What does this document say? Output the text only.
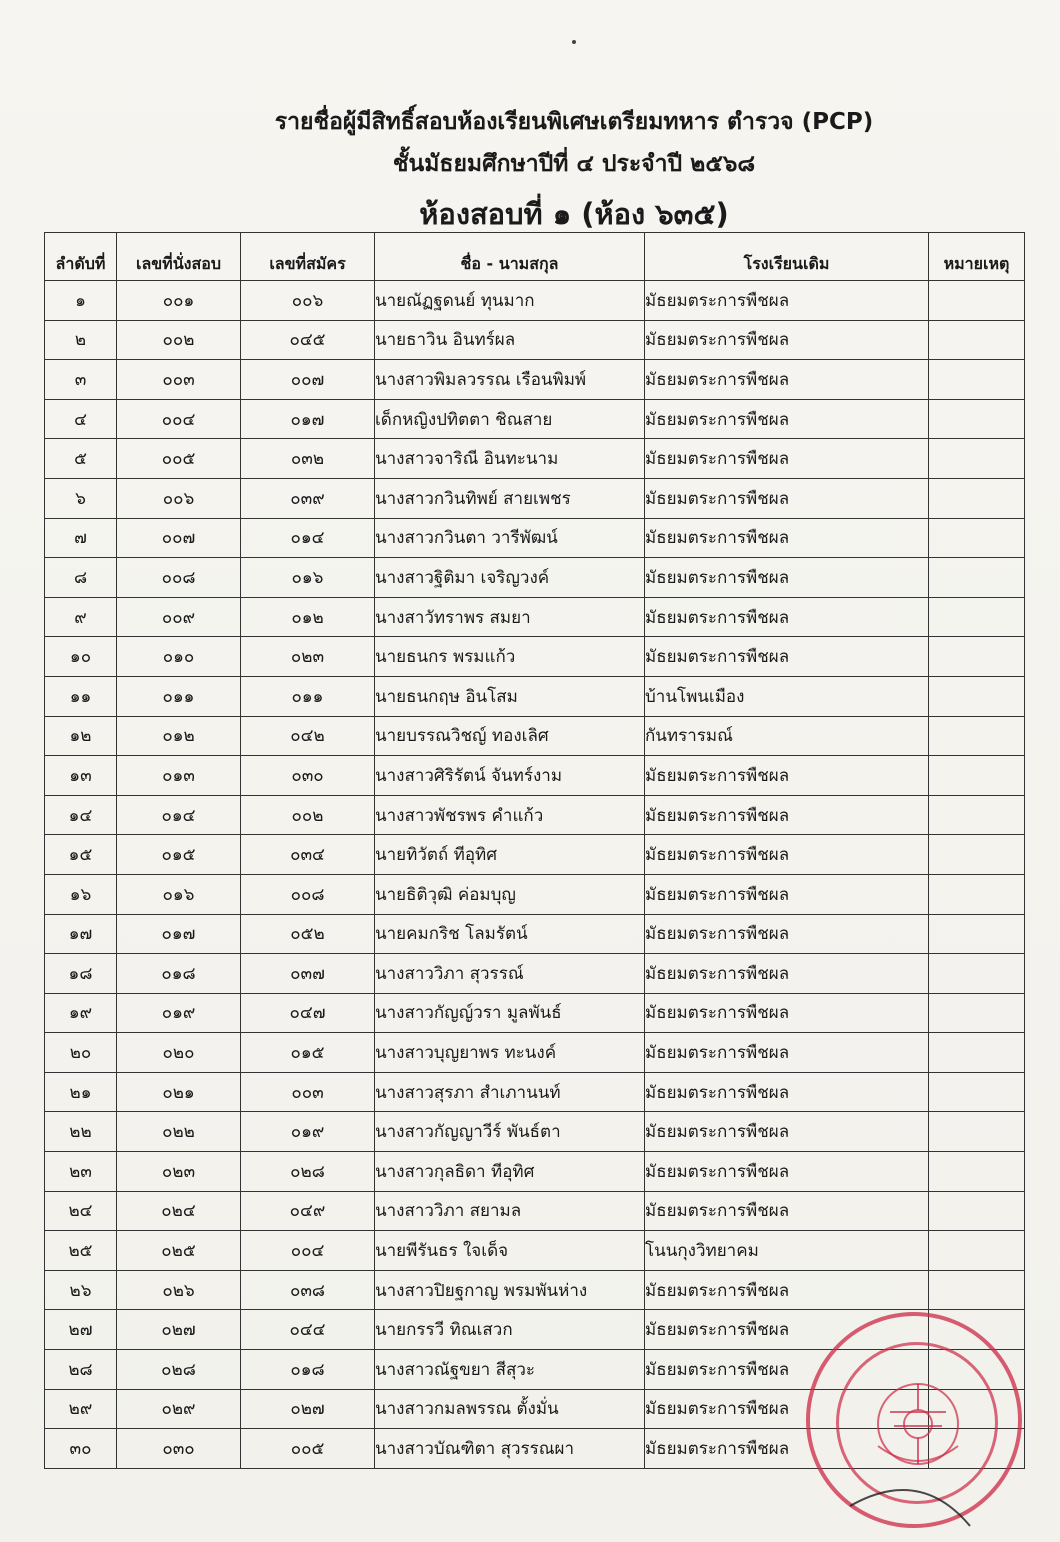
รายชื่อผู้มีสิทธิ์สอบห้องเรียนพิเศษเตรียมทหาร ตำรวจ (PCP)
ชั้นมัธยมศึกษาปีที่ ๔ ประจำปี ๒๕๖๘
ห้องสอบที่ ๑ (ห้อง ๖๓๕)
ลำดับที่	เลขที่นั่งสอบ	เลขที่สมัคร	ชื่อ - นามสกุล	โรงเรียนเดิม	หมายเหตุ
๑	๐๐๑	๐๐๖	นายณัฏฐดนย์ ทุนมาก	มัธยมตระการพืชผล	
๒	๐๐๒	๐๔๕	นายธาวิน อินทร์ผล	มัธยมตระการพืชผล	
๓	๐๐๓	๐๐๗	นางสาวพิมลวรรณ เรือนพิมพ์	มัธยมตระการพืชผล	
๔	๐๐๔	๐๑๗	เด็กหญิงปทิตตา ชิณสาย	มัธยมตระการพืชผล	
๕	๐๐๕	๐๓๒	นางสาวจาริณี อินทะนาม	มัธยมตระการพืชผล	
๖	๐๐๖	๐๓๙	นางสาวกวินทิพย์ สายเพชร	มัธยมตระการพืชผล	
๗	๐๐๗	๐๑๔	นางสาวกวินตา วารีพัฒน์	มัธยมตระการพืชผล	
๘	๐๐๘	๐๑๖	นางสาวฐิติมา เจริญวงค์	มัธยมตระการพืชผล	
๙	๐๐๙	๐๑๒	นางสาวัทราพร สมยา	มัธยมตระการพืชผล	
๑๐	๐๑๐	๐๒๓	นายธนกร พรมแก้ว	มัธยมตระการพืชผล	
๑๑	๐๑๑	๐๑๑	นายธนกฤษ อินโสม	บ้านโพนเมือง	
๑๒	๐๑๒	๐๔๒	นายบรรณวิชญ์ ทองเลิศ	กันทรารมณ์	
๑๓	๐๑๓	๐๓๐	นางสาวศิริรัตน์ จันทร์งาม	มัธยมตระการพืชผล	
๑๔	๐๑๔	๐๐๒	นางสาวพัชรพร คำแก้ว	มัธยมตระการพืชผล	
๑๕	๐๑๕	๐๓๔	นายทิวัตถ์ ทีอุทิศ	มัธยมตระการพืชผล	
๑๖	๐๑๖	๐๐๘	นายธิติวุฒิ ค่อมบุญ	มัธยมตระการพืชผล	
๑๗	๐๑๗	๐๕๒	นายคมกริช โลมรัตน์	มัธยมตระการพืชผล	
๑๘	๐๑๘	๐๓๗	นางสาววิภา สุวรรณ์	มัธยมตระการพืชผล	
๑๙	๐๑๙	๐๔๗	นางสาวกัญญ์วรา มูลพันธ์	มัธยมตระการพืชผล	
๒๐	๐๒๐	๐๑๕	นางสาวบุญยาพร ทะนงค์	มัธยมตระการพืชผล	
๒๑	๐๒๑	๐๐๓	นางสาวสุรภา สำเภานนท์	มัธยมตระการพืชผล	
๒๒	๐๒๒	๐๑๙	นางสาวกัญญาวีร์ พันธ์ตา	มัธยมตระการพืชผล	
๒๓	๐๒๓	๐๒๘	นางสาวกุลธิดา ทีอุทิศ	มัธยมตระการพืชผล	
๒๔	๐๒๔	๐๔๙	นางสาววิภา สยามล	มัธยมตระการพืชผล	
๒๕	๐๒๕	๐๐๔	นายพีรันธร ใจเด็จ	โนนกุงวิทยาคม	
๒๖	๐๒๖	๐๓๘	นางสาวปิยฐกาญ พรมพันห่าง	มัธยมตระการพืชผล	
๒๗	๐๒๗	๐๔๔	นายกรรวี ทิณเสวก	มัธยมตระการพืชผล	
๒๘	๐๒๘	๐๑๘	นางสาวณัฐขยา สีสุวะ	มัธยมตระการพืชผล	
๒๙	๐๒๙	๐๒๗	นางสาวกมลพรรณ ตั้งมั่น	มัธยมตระการพืชผล	
๓๐	๐๓๐	๐๐๕	นางสาวบัณฑิตา สุวรรณผา	มัธยมตระการพืชผล	
